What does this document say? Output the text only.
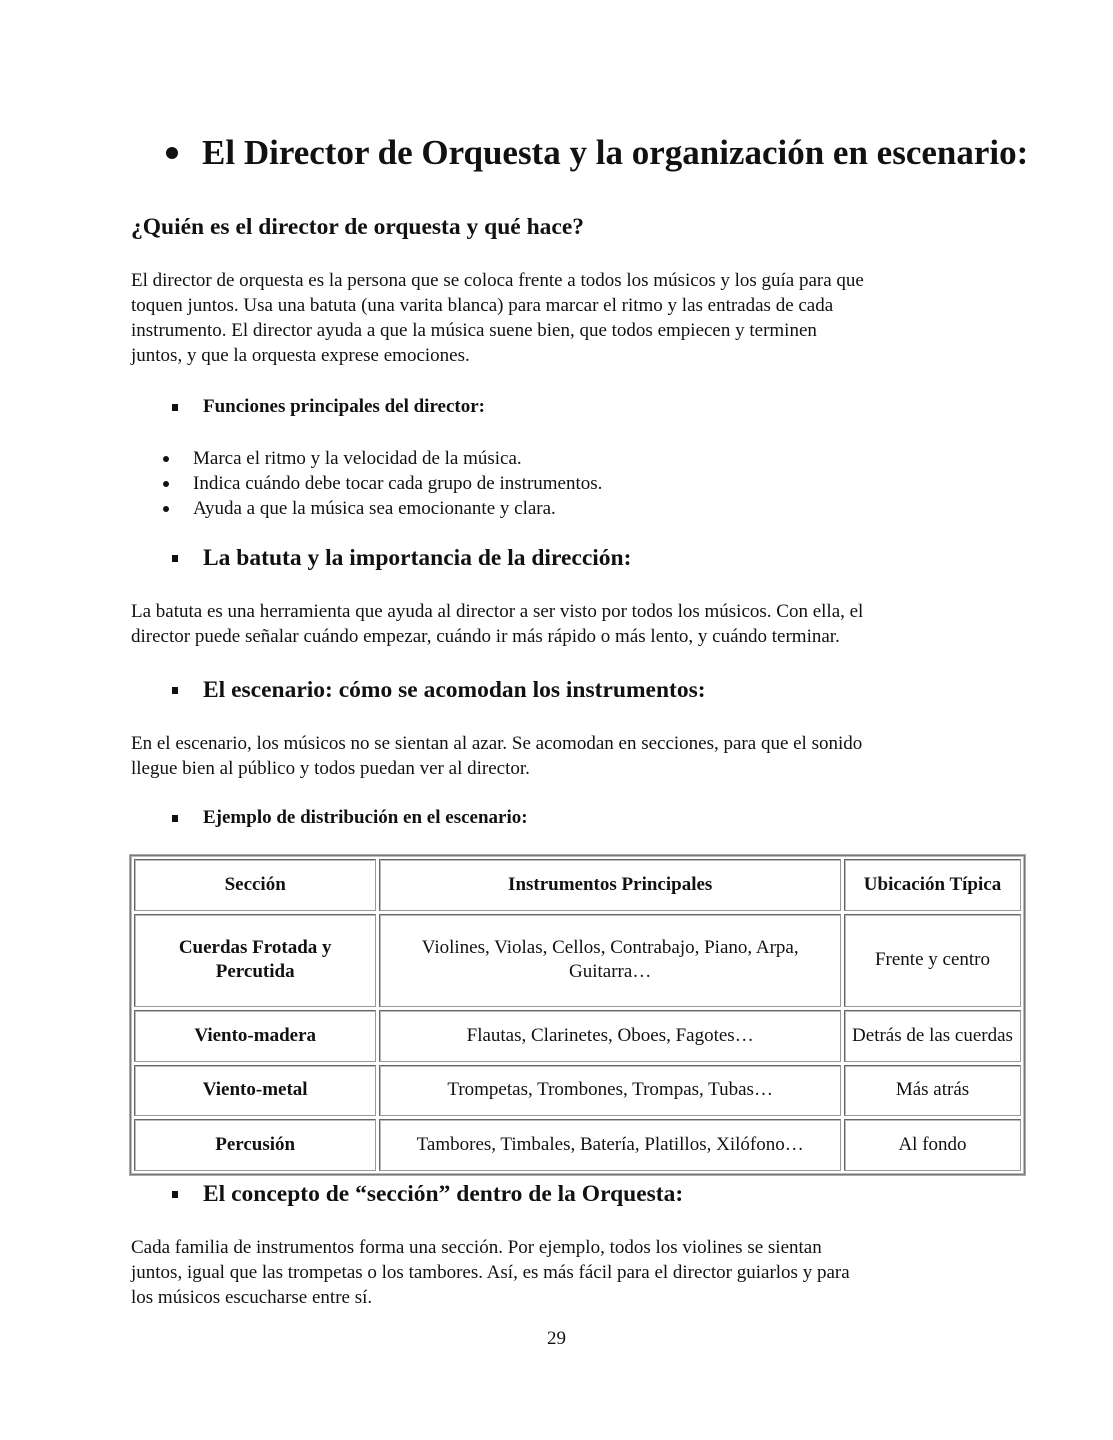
El Director de Orquesta y la organización en escenario:
¿Quién es el director de orquesta y qué hace?
El director de orquesta es la persona que se coloca frente a todos los músicos y los guía para que
toquen juntos. Usa una batuta (una varita blanca) para marcar el ritmo y las entradas de cada
instrumento. El director ayuda a que la música suene bien, que todos empiecen y terminen
juntos, y que la orquesta exprese emociones.
Funciones principales del director:
Marca el ritmo y la velocidad de la música.
Indica cuándo debe tocar cada grupo de instrumentos.
Ayuda a que la música sea emocionante y clara.
La batuta y la importancia de la dirección:
La batuta es una herramienta que ayuda al director a ser visto por todos los músicos. Con ella, el
director puede señalar cuándo empezar, cuándo ir más rápido o más lento, y cuándo terminar.
El escenario: cómo se acomodan los instrumentos:
En el escenario, los músicos no se sientan al azar. Se acomodan en secciones, para que el sonido
llegue bien al público y todos puedan ver al director.
Ejemplo de distribución en el escenario:
Sección	Instrumentos Principales	Ubicación Típica
Cuerdas Frotada y Percutida	Violines, Violas, Cellos, Contrabajo, Piano, Arpa, Guitarra…	Frente y centro
Viento-madera	Flautas, Clarinetes, Oboes, Fagotes…	Detrás de las cuerdas
Viento-metal	Trompetas, Trombones, Trompas, Tubas…	Más atrás
Percusión	Tambores, Timbales, Batería, Platillos, Xilófono…	Al fondo
El concepto de “sección” dentro de la Orquesta:
Cada familia de instrumentos forma una sección. Por ejemplo, todos los violines se sientan
juntos, igual que las trompetas o los tambores. Así, es más fácil para el director guiarlos y para
los músicos escucharse entre sí.
29
